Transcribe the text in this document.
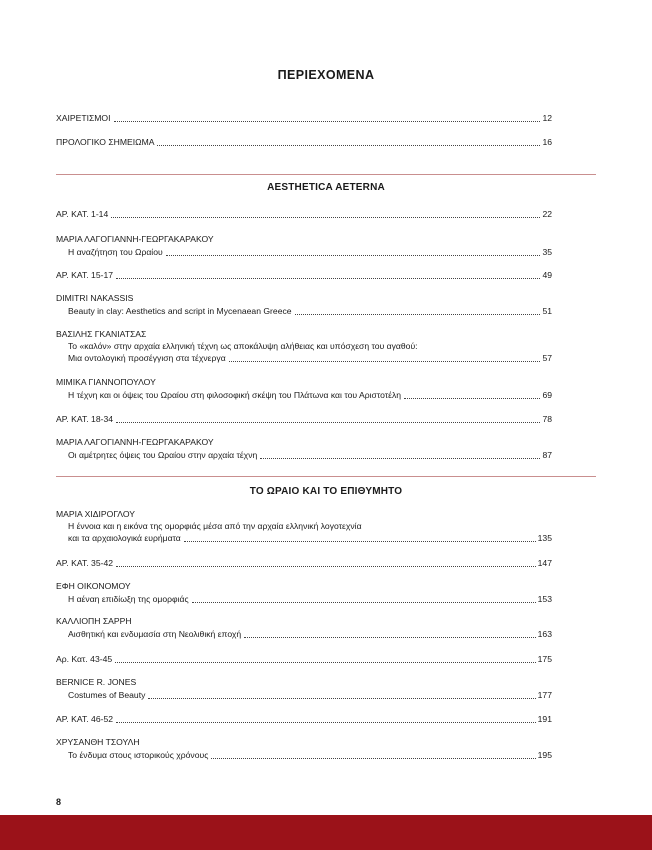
ΠΕΡΙΕΧΟΜΕΝΑ
ΧΑΙΡΕΤΙΣΜΟΙ	12
ΠΡΟΛΟΓΙΚΟ ΣΗΜΕΙΩΜΑ	16
AESTHETICA AETERNA
ΑΡ. ΚΑΤ. 1-14	22
ΜΑΡΙΑ ΛΑΓΟΓΙΑΝΝΗ-ΓΕΩΡΓΑΚΑΡΑΚΟΥ
Η αναζήτηση του Ωραίου	35
ΑΡ. ΚΑΤ. 15-17	49
DIMITRI NAKASSIS
Beauty in clay: Aesthetics and script in Mycenaean Greece	51
ΒΑΣΙΛΗΣ ΓΚΑΝΙΑΤΣΑΣ
Το «καλόν» στην αρχαία ελληνική τέχνη ως αποκάλυψη αλήθειας και υπόσχεση του αγαθού:
Μια οντολογική προσέγγιση στα τέχνεργα	57
ΜΙΜΙΚΑ ΓΙΑΝΝΟΠΟΥΛΟΥ
Η τέχνη και οι όψεις του Ωραίου στη φιλοσοφική σκέψη του Πλάτωνα και του Αριστοτέλη	69
ΑΡ. ΚΑΤ. 18-34	78
ΜΑΡΙΑ ΛΑΓΟΓΙΑΝΝΗ-ΓΕΩΡΓΑΚΑΡΑΚΟΥ
Οι αμέτρητες όψεις του Ωραίου στην αρχαία τέχνη	87
ΤΟ ΩΡΑΙΟ ΚΑΙ ΤΟ ΕΠΙΘΥΜΗΤΟ
ΜΑΡΙΑ ΧΙΔΙΡΟΓΛΟΥ
Η έννοια και η εικόνα της ομορφιάς μέσα από την αρχαία ελληνική λογοτεχνία
και τα αρχαιολογικά ευρήματα	135
ΑΡ. ΚΑΤ. 35-42	147
ΕΦΗ ΟΙΚΟΝΟΜΟΥ
Η αέναη επιδίωξη της ομορφιάς	153
ΚΑΛΛΙΟΠΗ ΣΑΡΡΗ
Αισθητική και ενδυμασία στη Νεολιθική εποχή	163
Αρ. Κατ. 43-45	175
BERNICE R. JONES
Costumes of Beauty	177
ΑΡ. ΚΑΤ. 46-52	191
ΧΡΥΣΑΝΘΗ ΤΣΟΥΛΗ
Το ένδυμα στους ιστορικούς χρόνους	195
8
